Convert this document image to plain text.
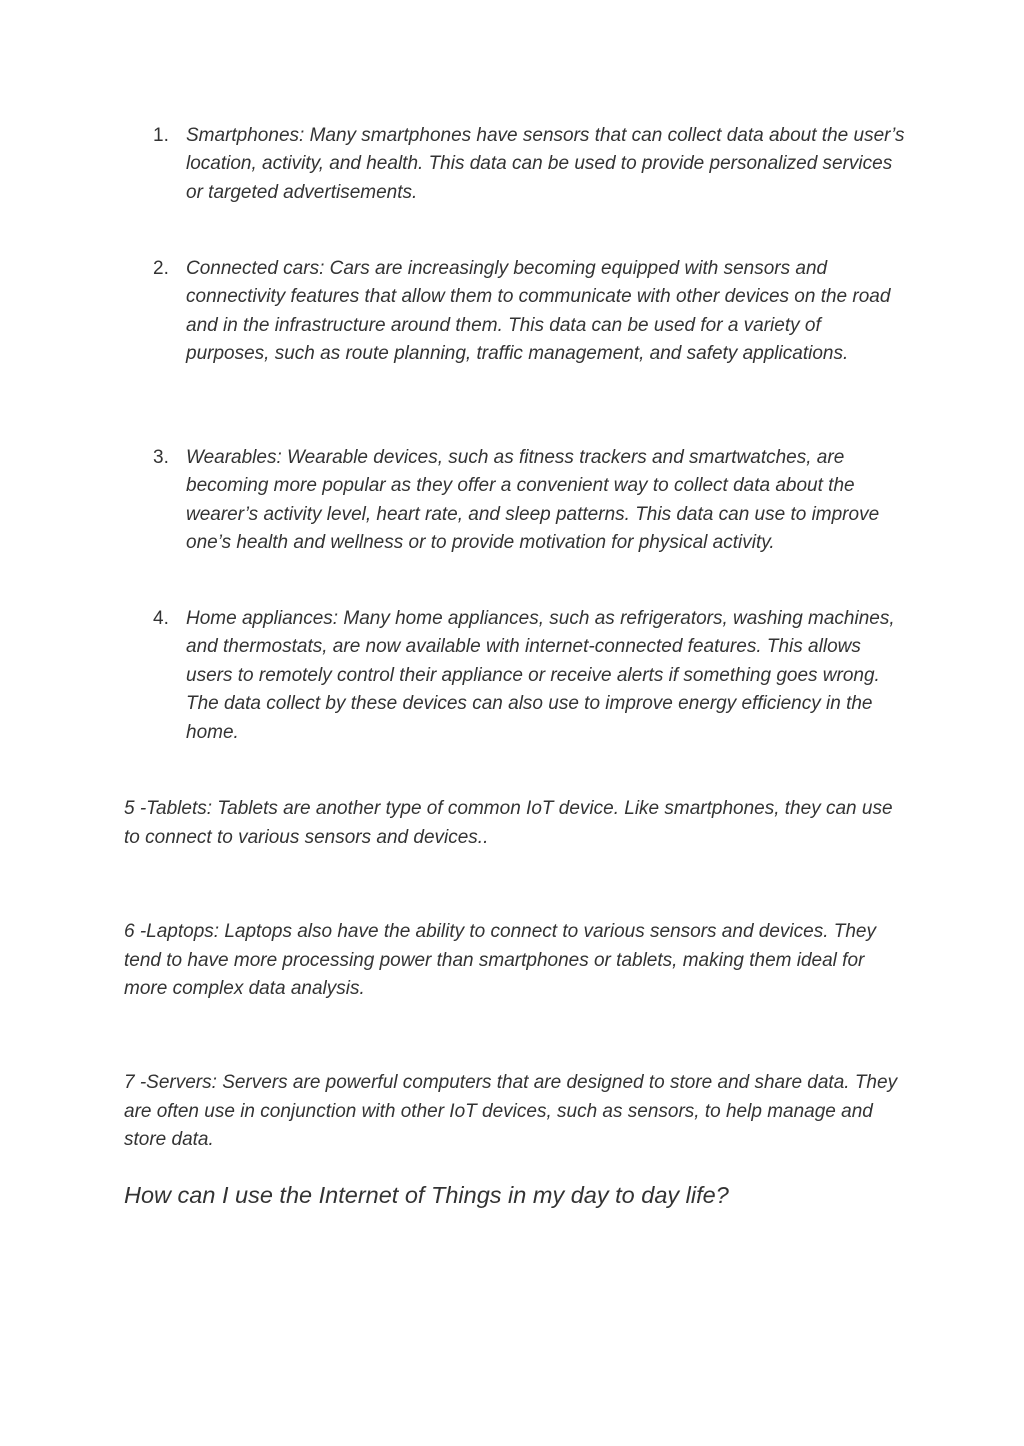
1. Smartphones: Many smartphones have sensors that can collect data about the user’s location, activity, and health. This data can be used to provide personalized services or targeted advertisements.

2. Connected cars: Cars are increasingly becoming equipped with sensors and connectivity features that allow them to communicate with other devices on the road and in the infrastructure around them. This data can be used for a variety of purposes, such as route planning, traffic management, and safety applications.

3. Wearables: Wearable devices, such as fitness trackers and smartwatches, are becoming more popular as they offer a convenient way to collect data about the wearer’s activity level, heart rate, and sleep patterns. This data can use to improve one’s health and wellness or to provide motivation for physical activity.

4. Home appliances: Many home appliances, such as refrigerators, washing machines, and thermostats, are now available with internet-connected features. This allows users to remotely control their appliance or receive alerts if something goes wrong. The data collect by these devices can also use to improve energy efficiency in the home.

5 -Tablets: Tablets are another type of common IoT device. Like smartphones, they can use to connect to various sensors and devices..

6 -Laptops: Laptops also have the ability to connect to various sensors and devices. They tend to have more processing power than smartphones or tablets, making them ideal for more complex data analysis.

7 -Servers: Servers are powerful computers that are designed to store and share data. They are often use in conjunction with other IoT devices, such as sensors, to help manage and store data.

How can I use the Internet of Things in my day to day life?
